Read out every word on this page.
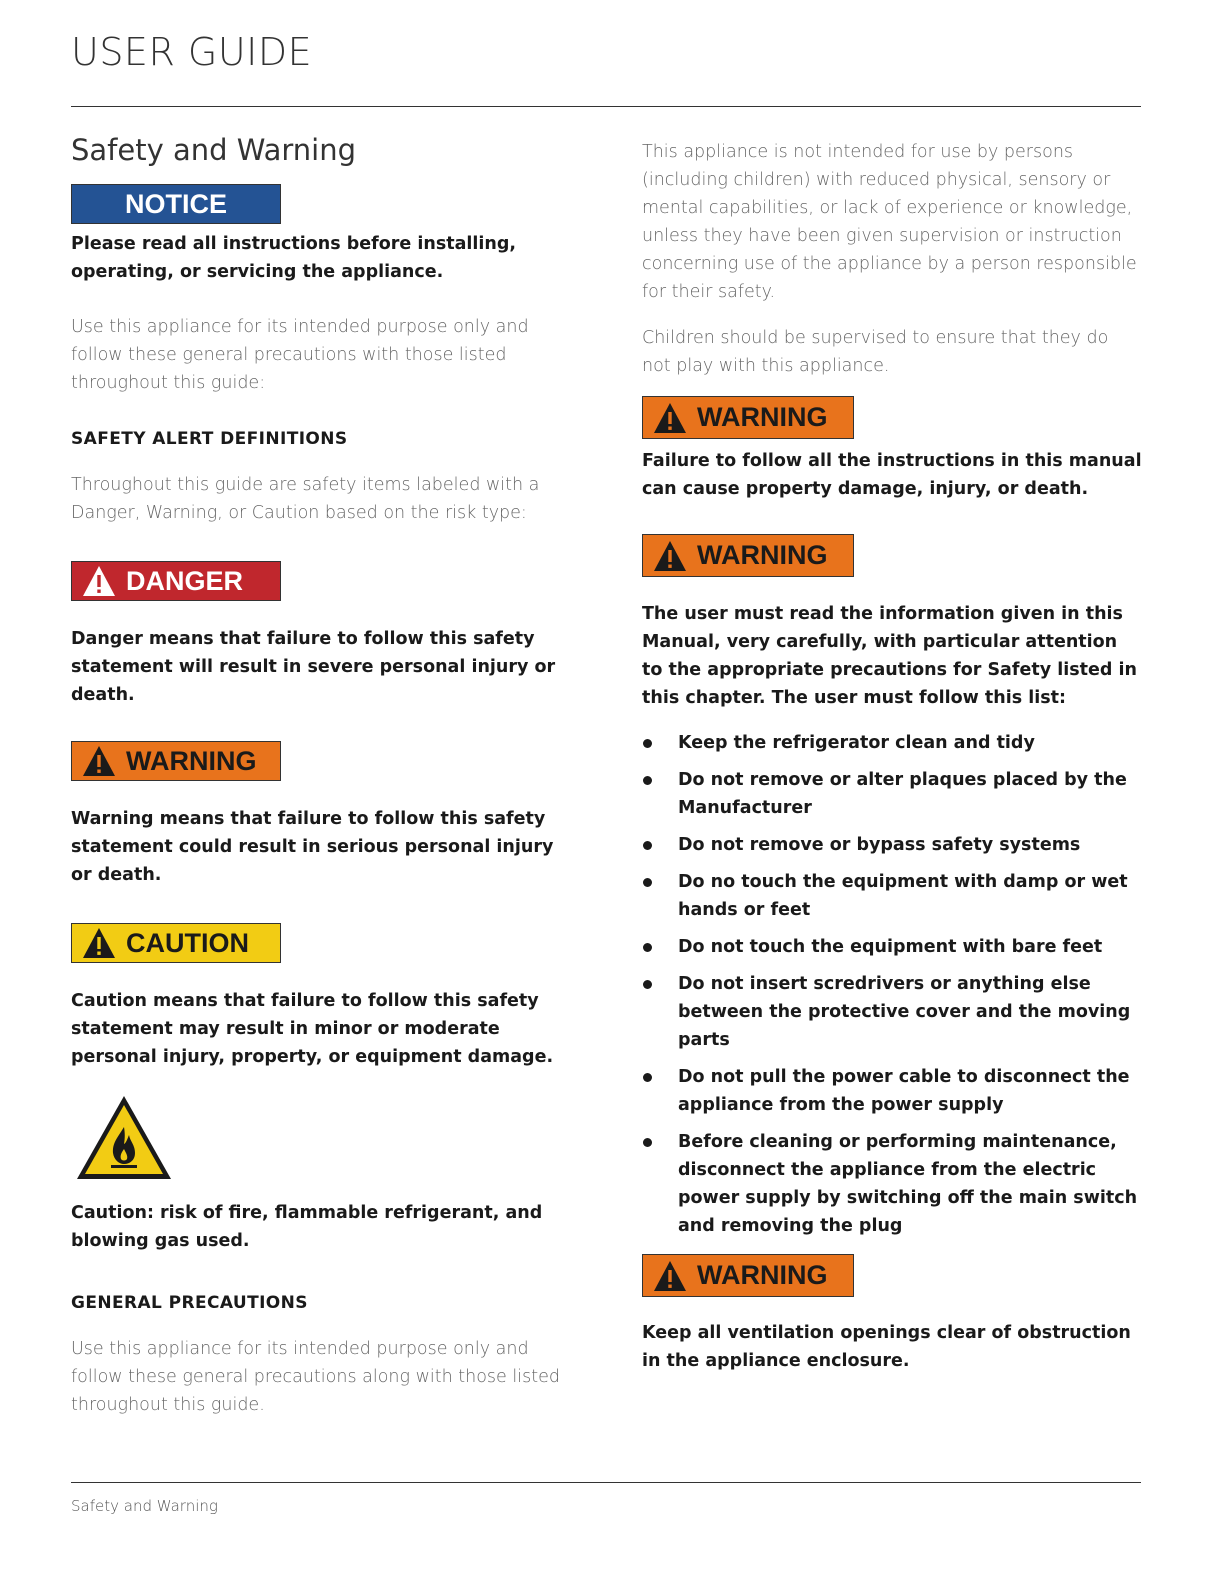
USER GUIDE
Safety and Warning
NOTICE

Please read all instructions before installing, operating, or servicing the appliance.

Use this appliance for its intended purpose only and follow these general precautions with those listed throughout this guide:

SAFETY ALERT DEFINITIONS

Throughout this guide are safety items labeled with a Danger, Warning, or Caution based on the risk type:

DANGER

Danger means that failure to follow this safety statement will result in severe personal injury or death.

WARNING

Warning means that failure to follow this safety statement could result in serious personal injury or death.

CAUTION

Caution means that failure to follow this safety statement may result in minor or moderate personal injury, property, or equipment damage.

Caution: risk of fire, flammable refrigerant, and blowing gas used.

GENERAL PRECAUTIONS

Use this appliance for its intended purpose only and follow these general precautions along with those listed throughout this guide.

This appliance is not intended for use by persons (including children) with reduced physical, sensory or mental capabilities, or lack of experience or knowledge, unless they have been given supervision or instruction concerning use of the appliance by a person responsible for their safety.

Children should be supervised to ensure that they do not play with this appliance.

WARNING

Failure to follow all the instructions in this manual can cause property damage, injury, or death.

WARNING

The user must read the information given in this Manual, very carefully, with particular attention to the appropriate precautions for Safety listed in this chapter. The user must follow this list:

Keep the refrigerator clean and tidy
Do not remove or alter plaques placed by the Manufacturer
Do not remove or bypass safety systems
Do no touch the equipment with damp or wet hands or feet
Do not touch the equipment with bare feet
Do not insert scredrivers or anything else between the protective cover and the moving parts
Do not pull the power cable to disconnect the appliance from the power supply
Before cleaning or performing maintenance, disconnect the appliance from the electric power supply by switching off the main switch and removing the plug
WARNING

Keep all ventilation openings clear of obstruction in the appliance enclosure.

Safety and Warning
